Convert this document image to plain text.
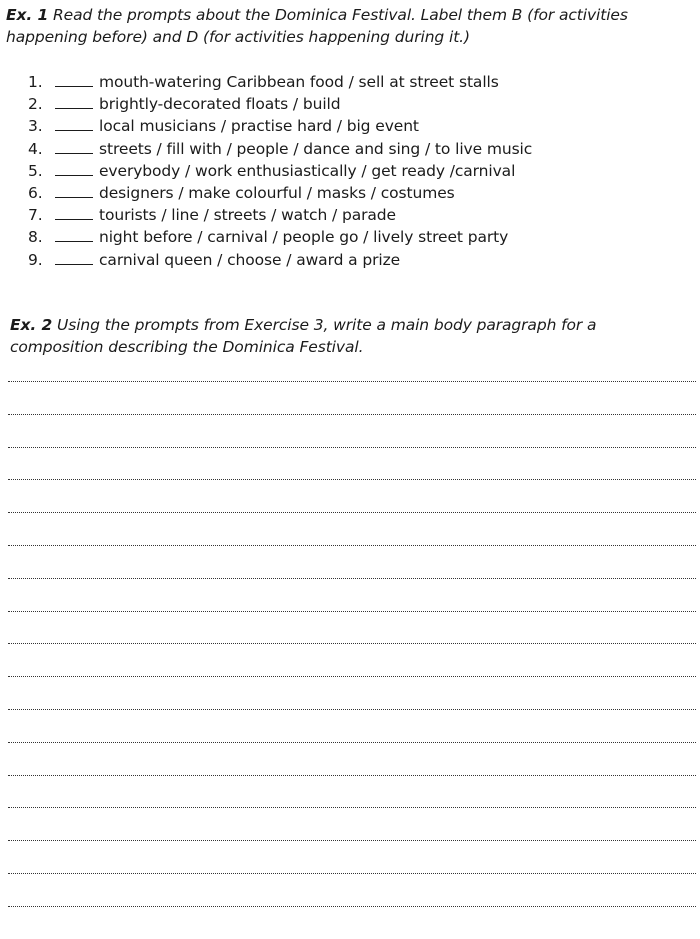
Ex. 1 Read the prompts about the Dominica Festival. Label them B (for activities happening before) and D (for activities happening during it.)
1.	mouth-watering Caribbean food / sell at street stalls
2.	brightly-decorated floats / build
3.	local musicians / practise hard / big event
4.	streets / fill with / people / dance and sing / to live music
5.	everybody / work enthusiastically / get ready /carnival
6.	designers / make colourful / masks / costumes
7.	tourists / line / streets / watch / parade
8.	night before / carnival / people go / lively street party
9.	carnival queen / choose / award a prize
Ex. 2 Using the prompts from Exercise 3, write a main body paragraph for a composition describing the Dominica Festival.
